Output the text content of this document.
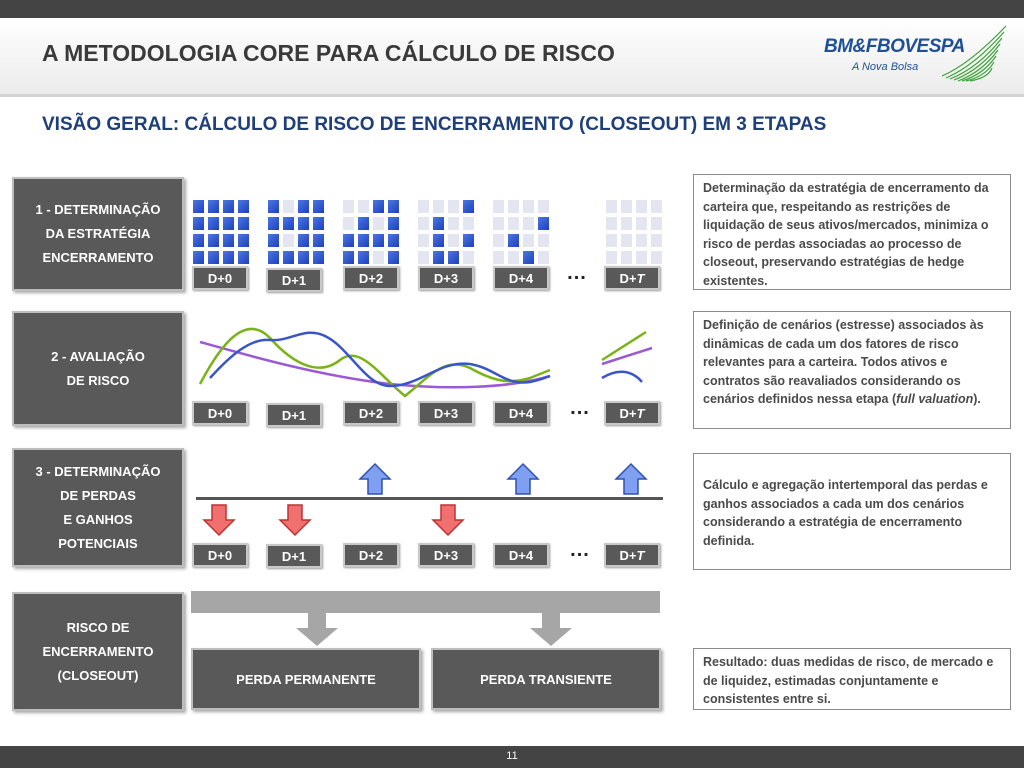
A METODOLOGIA CORE PARA CÁLCULO DE RISCO	BM&FBOVESPA
A Nova Bolsa
VISÃO GERAL: CÁLCULO DE RISCO DE ENCERRAMENTO (CLOSEOUT) EM 3 ETAPAS
1 - DETERMINAÇÃO
DA ESTRATÉGIA
ENCERRAMENTO
D+0	D+1	D+2	D+3	D+4	...	D+ T
Determinação da estratégia de encerramento da carteira que, respeitando as restrições de liquidação de seus ativos/mercados, minimiza o risco de perdas associadas ao processo de closeout, preservando estratégias de hedge existentes.
2 - AVALIAÇÃO
DE RISCO
D+0	D+1	D+2	D+3	D+4	...	D+ T
Definição de cenários (estresse) associados às dinâmicas de cada um dos fatores de risco relevantes para a carteira. Todos ativos e contratos são reavaliados considerando os cenários definidos nessa etapa (full valuation).
3 - DETERMINAÇÃO
DE PERDAS
E GANHOS
POTENCIAIS
D+0	D+1	D+2	D+3	D+4	...	D+ T
Cálculo e agregação intertemporal das perdas e ganhos associados a cada um dos cenários considerando a estratégia de encerramento definida.
RISCO DE
ENCERRAMENTO
(CLOSEOUT)	PERDA PERMANENTE	PERDA TRANSIENTE
Resultado: duas medidas de risco, de mercado e de liquidez, estimadas conjuntamente e consistentes entre si.
11
